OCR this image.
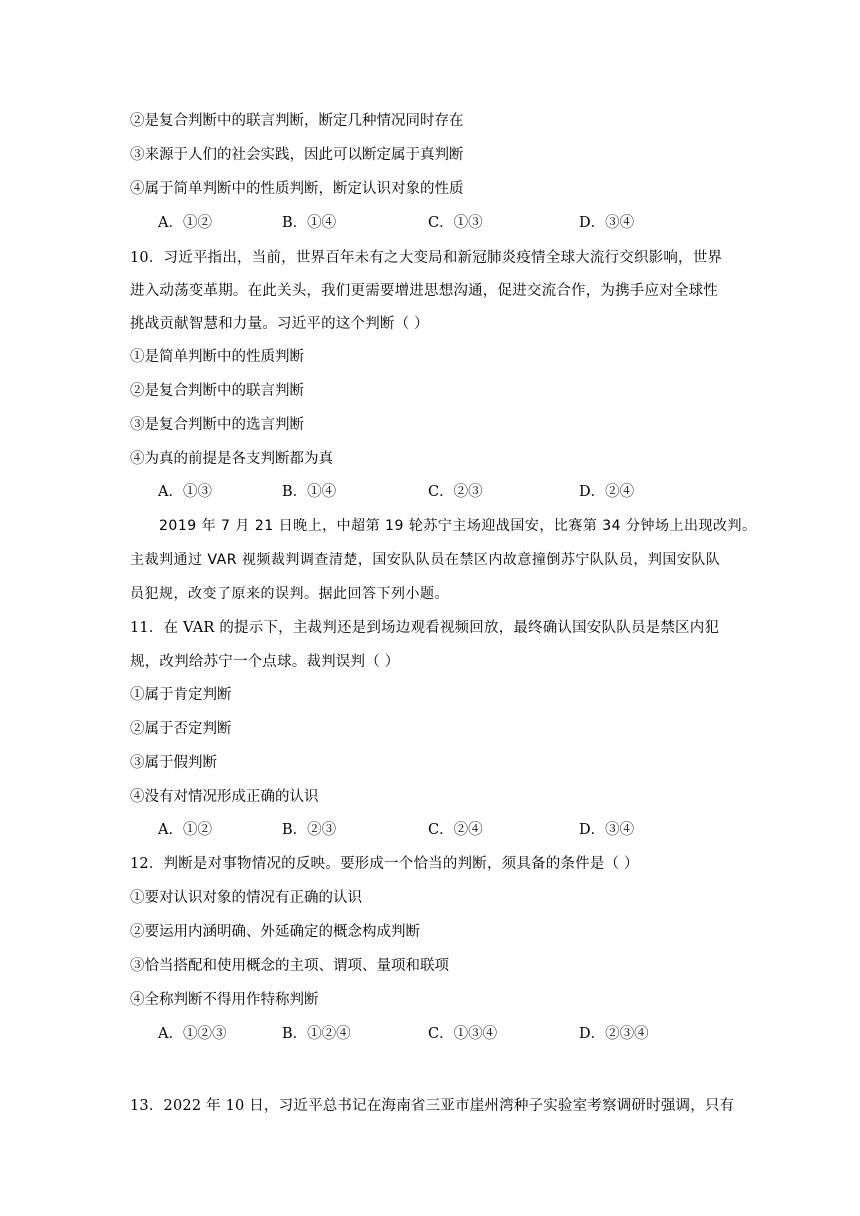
②是复合判断中的联言判断，断定几种情况同时存在
③来源于人们的社会实践，因此可以断定属于真判断
④属于简单判断中的性质判断，断定认识对象的性质
A．①②	B．①④	C．①③	D．③④
10．习近平指出，当前，世界百年未有之大变局和新冠肺炎疫情全球大流行交织影响，世界
进入动荡变革期。在此关头，我们更需要增进思想沟通，促进交流合作，为携手应对全球性
挑战贡献智慧和力量。习近平的这个判断（ ）
①是简单判断中的性质判断
②是复合判断中的联言判断
③是复合判断中的选言判断
④为真的前提是各支判断都为真
A．①③	B．①④	C．②③	D．②④
　　2019 年 7 月 21 日晚上，中超第 19 轮苏宁主场迎战国安，比赛第 34 分钟场上出现改判。
主裁判通过 VAR 视频裁判调查清楚，国安队队员在禁区内故意撞倒苏宁队队员，判国安队队
员犯规，改变了原来的误判。据此回答下列小题。
11．在 VAR 的提示下，主裁判还是到场边观看视频回放，最终确认国安队队员是禁区内犯
规，改判给苏宁一个点球。裁判误判（ ）
①属于肯定判断
②属于否定判断
③属于假判断
④没有对情况形成正确的认识
A．①②	B．②③	C．②④	D．③④
12．判断是对事物情况的反映。要形成一个恰当的判断，须具备的条件是（ ）
①要对认识对象的情况有正确的认识
②要运用内涵明确、外延确定的概念构成判断
③恰当搭配和使用概念的主项、谓项、量项和联项
④全称判断不得用作特称判断
A．①②③	B．①②④	C．①③④	D．②③④
13．2022 年 10 日，习近平总书记在海南省三亚市崖州湾种子实验室考察调研时强调，只有
